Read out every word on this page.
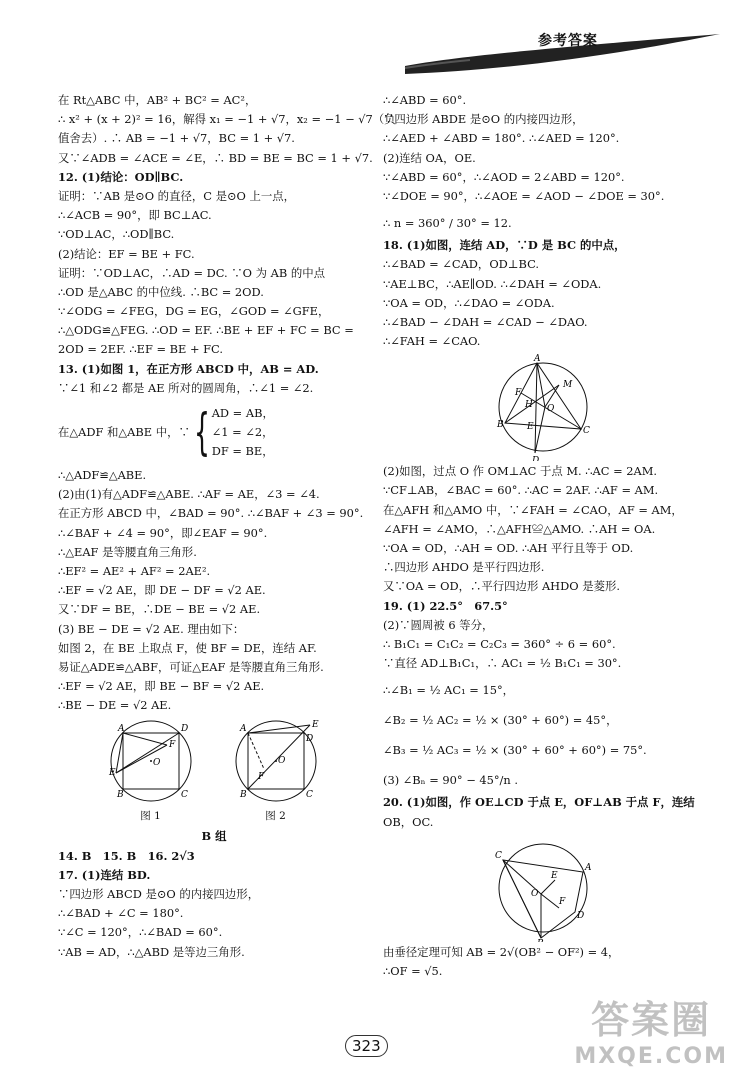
参考答案
在 Rt△ABC 中，AB² + BC² = AC²，
∴ x² + (x + 2)² = 16，解得 x₁ = −1 + √7，x₂ = −1 − √7（负
值舍去）. ∴ AB = −1 + √7，BC = 1 + √7.
又∵∠ADB = ∠ACE = ∠E，∴ BD = BE = BC = 1 + √7.
12. (1)结论：OD∥BC.
证明：∵AB 是⊙O 的直径，C 是⊙O 上一点，
∴∠ACB = 90°，即 BC⊥AC.
∵OD⊥AC，∴OD∥BC.
(2)结论：EF = BE + FC.
证明：∵OD⊥AC，∴AD = DC. ∵O 为 AB 的中点
∴OD 是△ABC 的中位线. ∴BC = 2OD.
∵∠ODG = ∠FEG，DG = EG，∠GOD = ∠GFE，
∴△ODG≌△FEG. ∴OD = EF. ∴BE + EF + FC = BC =
2OD = 2EF. ∴EF = BE + FC.
13. (1)如图 1，在正方形 ABCD 中，AB = AD.
∵∠1 和∠2 都是 AE 所对的圆周角，∴∠1 = ∠2.
在△ADF 和△ABE 中，∵ { AD = AB，
∠1 = ∠2，
DF = BE，
∴△ADF≌△ABE.
(2)由(1)有△ADF≌△ABE. ∴AF = AE，∠3 = ∠4.
在正方形 ABCD 中，∠BAD = 90°. ∴∠BAF + ∠3 = 90°.
∴∠BAF + ∠4 = 90°，即∠EAF = 90°.
∴△EAF 是等腰直角三角形.
∴EF² = AE² + AF² = 2AE².
∴EF = √2 AE，即 DE − DF = √2 AE.
又∵DF = BE，∴DE − BE = √2 AE.
(3) BE − DE = √2 AE. 理由如下：
如图 2，在 BE 上取点 F，使 BF = DE，连结 AF.
易证△ADE≌△ABF，可证△EAF 是等腰直角三角形.
∴EF = √2 AE，即 BE − BF = √2 AE.
∴BE − DE = √2 AE.
A	D
F
E
B	C
O
图 1
A	E
D
F
B	C
O
图 2
B 组
14. B　15. B　16. 2√3
17. (1)连结 BD.
∵四边形 ABCD 是⊙O 的内接四边形，
∴∠BAD + ∠C = 180°.
∵∠C = 120°，∴∠BAD = 60°.
∵AB = AD，∴△ABD 是等边三角形.
∴∠ABD = 60°.
∵四边形 ABDE 是⊙O 的内接四边形，
∴∠AED + ∠ABD = 180°. ∴∠AED = 120°.
(2)连结 OA，OE.
∵∠ABD = 60°，∴∠AOD = 2∠ABD = 120°.
∵∠DOE = 90°，∴∠AOE = ∠AOD − ∠DOE = 30°.
∴ n = 360° / 30° = 12.
18. (1)如图，连结 AD，∵D 是 BC 的中点，
∴∠BAD = ∠CAD，OD⊥BC.
∵AE⊥BC，∴AE∥OD. ∴∠DAH = ∠ODA.
∵OA = OD，∴∠DAO = ∠ODA.
∴∠BAD − ∠DAH = ∠CAD − ∠DAO.
∴∠FAH = ∠CAO.
A
F
H O
M
B
C
E
D
(2)如图，过点 O 作 OM⊥AC 于点 M. ∴AC = 2AM.
∵CF⊥AB，∠BAC = 60°. ∴AC = 2AF. ∴AF = AM.
在△AFH 和△AMO 中，∵∠FAH = ∠CAO，AF = AM，
∠AFH = ∠AMO，∴△AFH≌△AMO. ∴AH = OA.
∵OA = OD，∴AH = OD. ∴AH 平行且等于 OD.
∴四边形 AHDO 是平行四边形.
又∵OA = OD，∴平行四边形 AHDO 是菱形.
19. (1) 22.5°　67.5°
(2)∵圆周被 6 等分，
∴ B₁C₁ = C₁C₂ = C₂C₃ = 360° ÷ 6 = 60°.
∵直径 AD⊥B₁C₁，∴ AC₁ = ½ B₁C₁ = 30°.
∴∠B₁ = ½ AC₁ = 15°，
∠B₂ = ½ AC₂ = ½ × (30° + 60°) = 45°，
∠B₃ = ½ AC₃ = ½ × (30° + 60° + 60°) = 75°.
(3) ∠Bₙ = 90° − 45°/n .
20. (1)如图，作 OE⊥CD 于点 E，OF⊥AB 于点 F，连结
OB，OC.
C
A
D
E
F
O
由垂径定理可知 AB = 2√(OB² − OF²) = 4，
∴OF = √5.
323
答案圈
MXQE.COM
